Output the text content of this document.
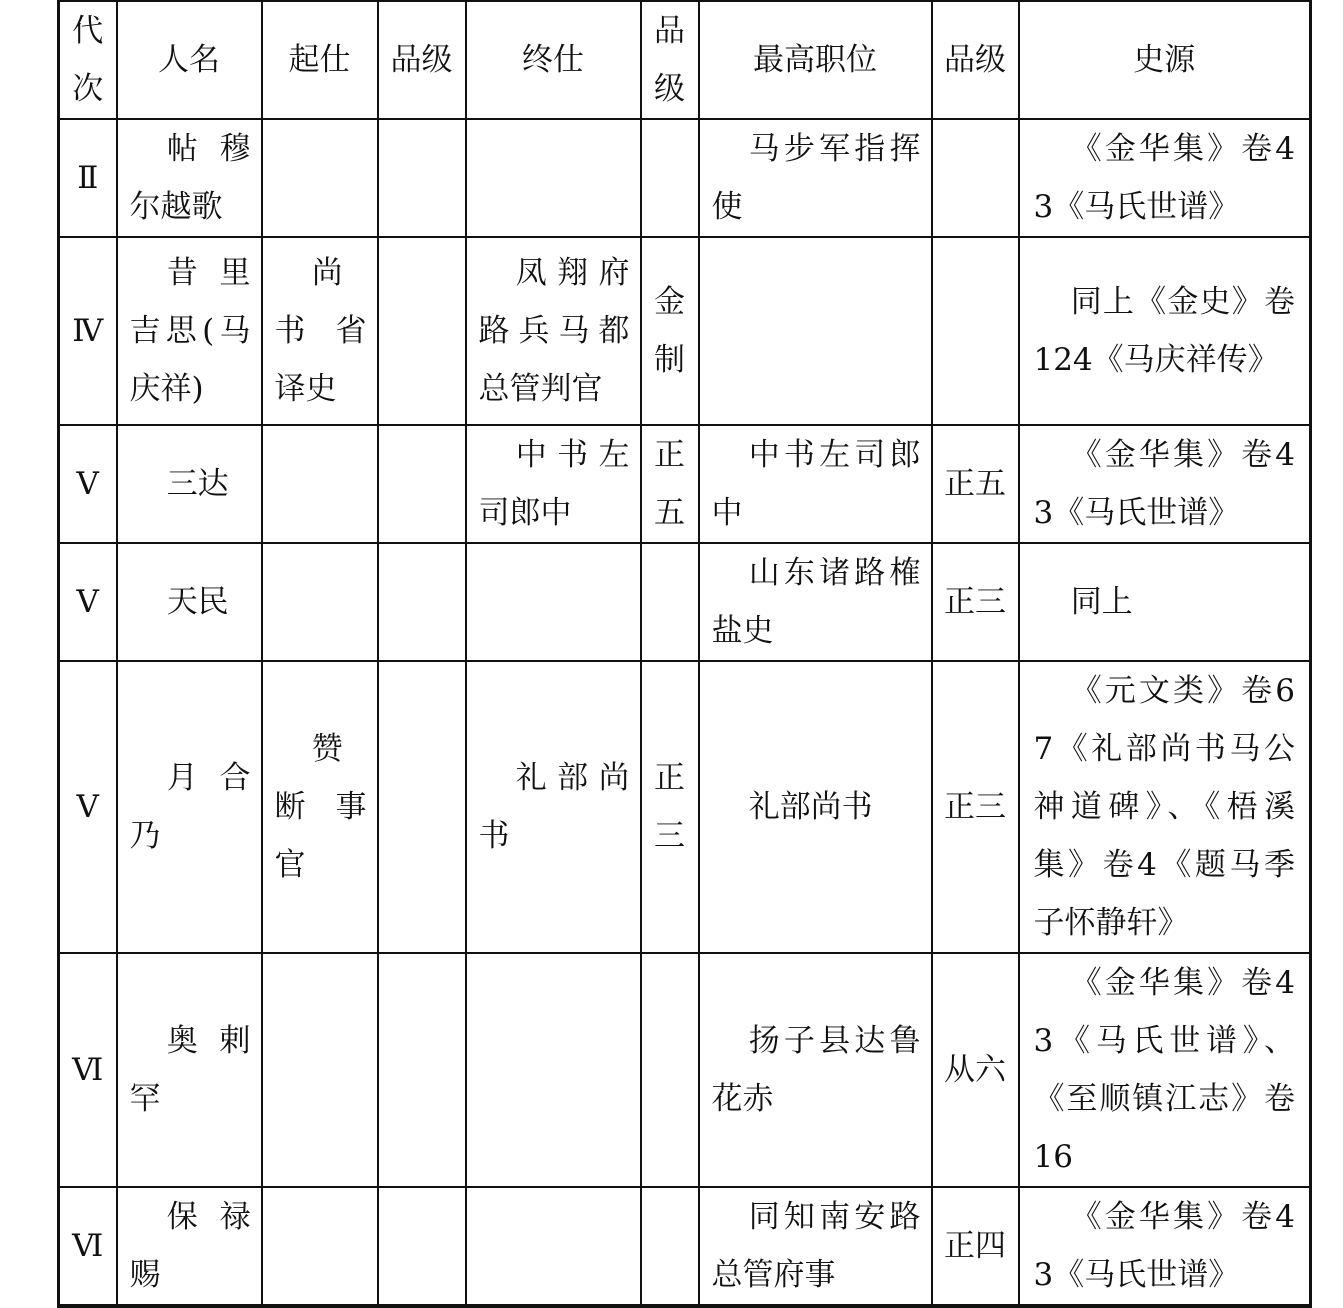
代次	人名	起仕	品级	终仕	品级	最高职位	品级	史源
Ⅱ	帖穆尔越歌					马步军指挥使		《金华集》卷43《马氏世谱》
Ⅳ	昔里吉思(马庆祥)	尚书省译史		凤翔府路兵马都总管判官	金制			同上《金史》卷124《马庆祥传》
Ⅴ	三达			中书左司郎中	正五	中书左司郎中	正五	《金华集》卷43《马氏世谱》
Ⅴ	天民					山东诸路榷盐史	正三	同上
Ⅴ	月合乃	赞断事官		礼部尚书	正三	礼部尚书	正三	《元文类》卷67《礼部尚书马公神道碑》、《梧溪集》卷4《题马季子怀静轩》
Ⅵ	奥剌罕					扬子县达鲁花赤	从六	《金华集》卷43《马氏世谱》、《至顺镇江志》卷16
Ⅵ	保禄赐					同知南安路总管府事	正四	《金华集》卷43《马氏世谱》
